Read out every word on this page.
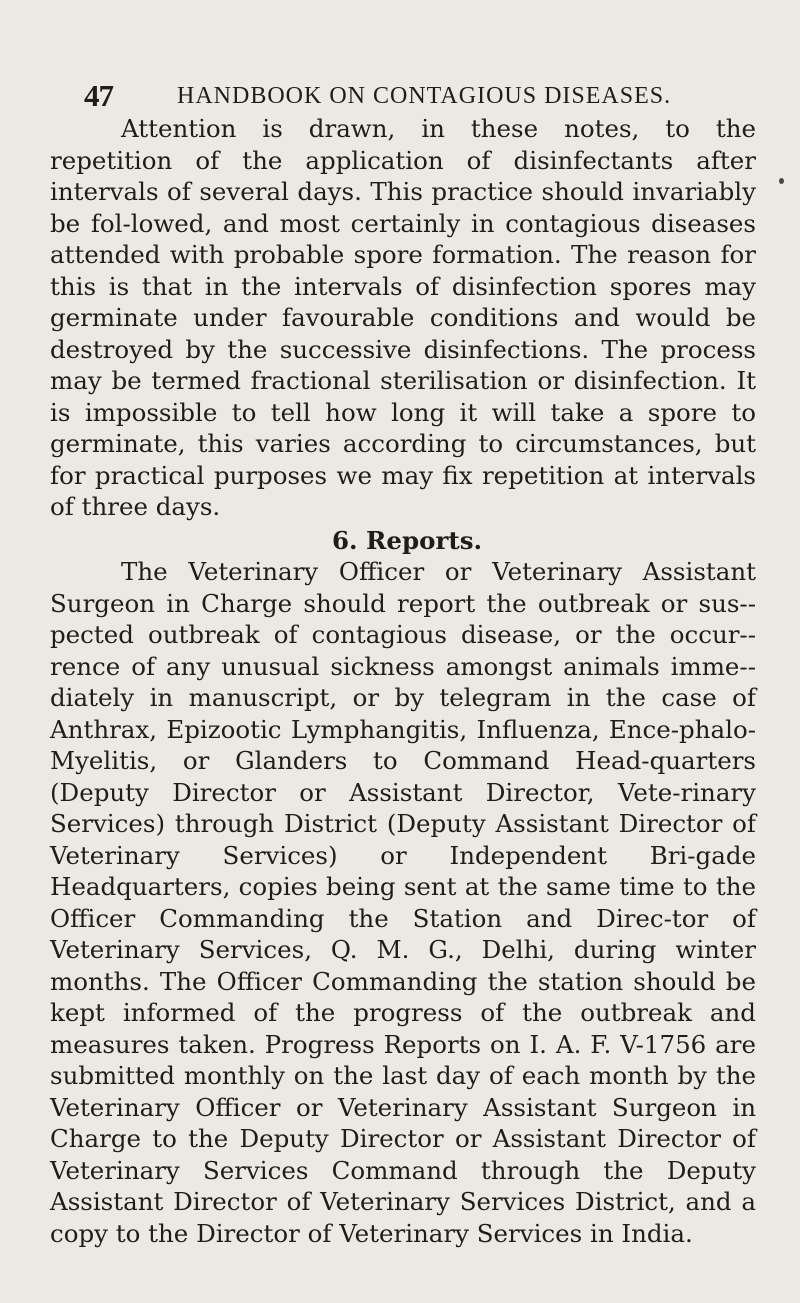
47	HANDBOOK ON CONTAGIOUS DISEASES.

Attention is drawn, in these notes, to the repetition of the application of disinfectants after intervals of several days. This practice should invariably be fol-lowed, and most certainly in contagious diseases attended with probable spore formation. The reason for this is that in the intervals of disinfection spores may germinate under favourable conditions and would be destroyed by the successive disinfections. The process may be termed fractional sterilisation or disinfection. It is impossible to tell how long it will take a spore to germinate, this varies according to circumstances, but for practical purposes we may fix repetition at intervals of three days.

6. Reports.

The Veterinary Officer or Veterinary Assistant Surgeon in Charge should report the outbreak or sus-pected outbreak of contagious disease, or the occur-rence of any unusual sickness amongst animals imme-diately in manuscript, or by telegram in the case of Anthrax, Epizootic Lymphangitis, Influenza, Ence-phalo-Myelitis, or Glanders to Command Head-quarters (Deputy Director or Assistant Director, Vete-rinary Services) through District (Deputy Assistant Director of Veterinary Services) or Independent Bri-gade Headquarters, copies being sent at the same time to the Officer Commanding the Station and Direc-tor of Veterinary Services, Q. M. G., Delhi, during winter months. The Officer Commanding the station should be kept informed of the progress of the outbreak and measures taken. Progress Reports on I. A. F. V-1756 are submitted monthly on the last day of each month by the Veterinary Officer or Veterinary Assistant Surgeon in Charge to the Deputy Director or Assistant Director of Veterinary Services Command through the Deputy Assistant Director of Veterinary Services District, and a copy to the Director of Veterinary Services in India.
